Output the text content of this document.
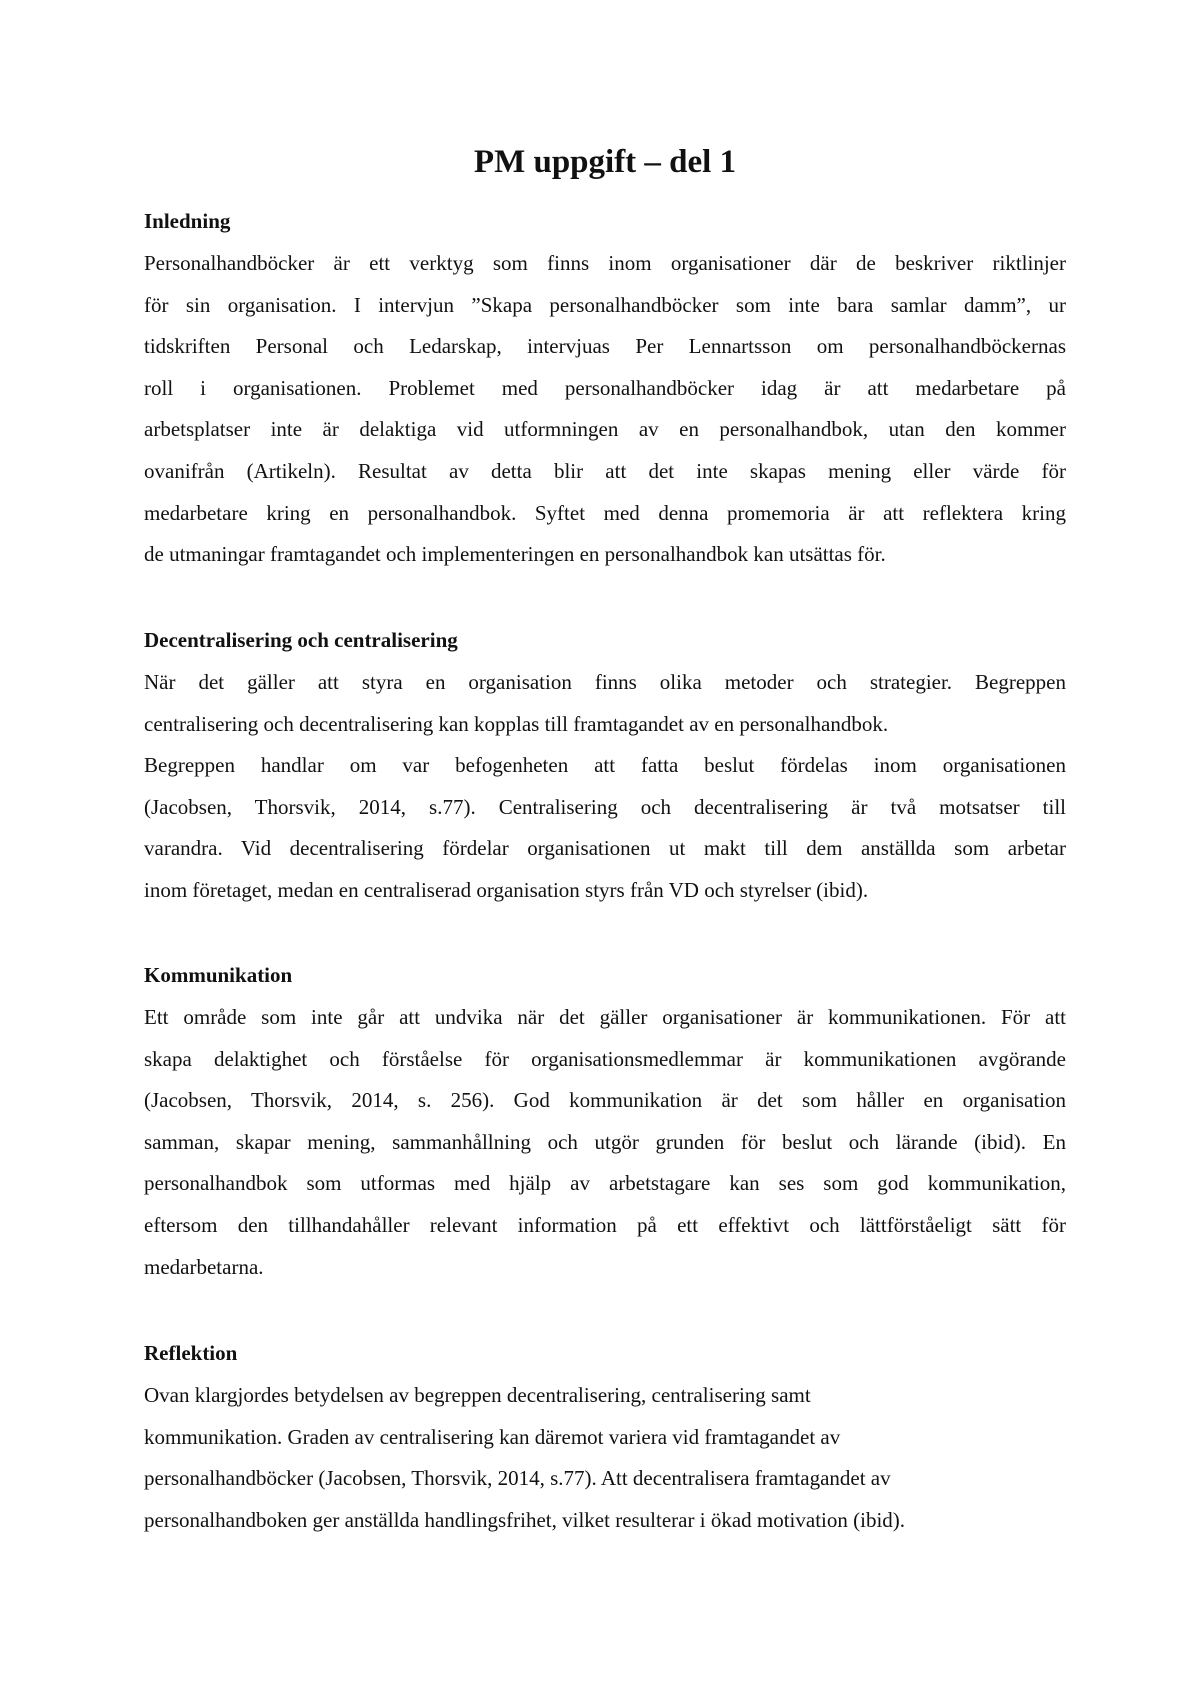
PM uppgift – del 1
Inledning
Personalhandböcker är ett verktyg som finns inom organisationer där de beskriver riktlinjer
för sin organisation. I intervjun ”Skapa personalhandböcker som inte bara samlar damm”, ur
tidskriften Personal och Ledarskap, intervjuas Per Lennartsson om personalhandböckernas
roll i organisationen. Problemet med personalhandböcker idag är att medarbetare på
arbetsplatser inte är delaktiga vid utformningen av en personalhandbok, utan den kommer
ovanifrån (Artikeln). Resultat av detta blir att det inte skapas mening eller värde för
medarbetare kring en personalhandbok. Syftet med denna promemoria är att reflektera kring
de utmaningar framtagandet och implementeringen en personalhandbok kan utsättas för.
Decentralisering och centralisering
När det gäller att styra en organisation finns olika metoder och strategier. Begreppen
centralisering och decentralisering kan kopplas till framtagandet av en personalhandbok.
Begreppen handlar om var befogenheten att fatta beslut fördelas inom organisationen
(Jacobsen, Thorsvik, 2014, s.77). Centralisering och decentralisering är två motsatser till
varandra. Vid decentralisering fördelar organisationen ut makt till dem anställda som arbetar
inom företaget, medan en centraliserad organisation styrs från VD och styrelser (ibid).
Kommunikation
Ett område som inte går att undvika när det gäller organisationer är kommunikationen. För att
skapa delaktighet och förståelse för organisationsmedlemmar är kommunikationen avgörande
(Jacobsen, Thorsvik, 2014, s. 256). God kommunikation är det som håller en organisation
samman, skapar mening, sammanhållning och utgör grunden för beslut och lärande (ibid). En
personalhandbok som utformas med hjälp av arbetstagare kan ses som god kommunikation,
eftersom den tillhandahåller relevant information på ett effektivt och lättförståeligt sätt för
medarbetarna.
Reflektion
Ovan klargjordes betydelsen av begreppen decentralisering, centralisering samt
kommunikation. Graden av centralisering kan däremot variera vid framtagandet av
personalhandböcker (Jacobsen, Thorsvik, 2014, s.77). Att decentralisera framtagandet av
personalhandboken ger anställda handlingsfrihet, vilket resulterar i ökad motivation (ibid).
